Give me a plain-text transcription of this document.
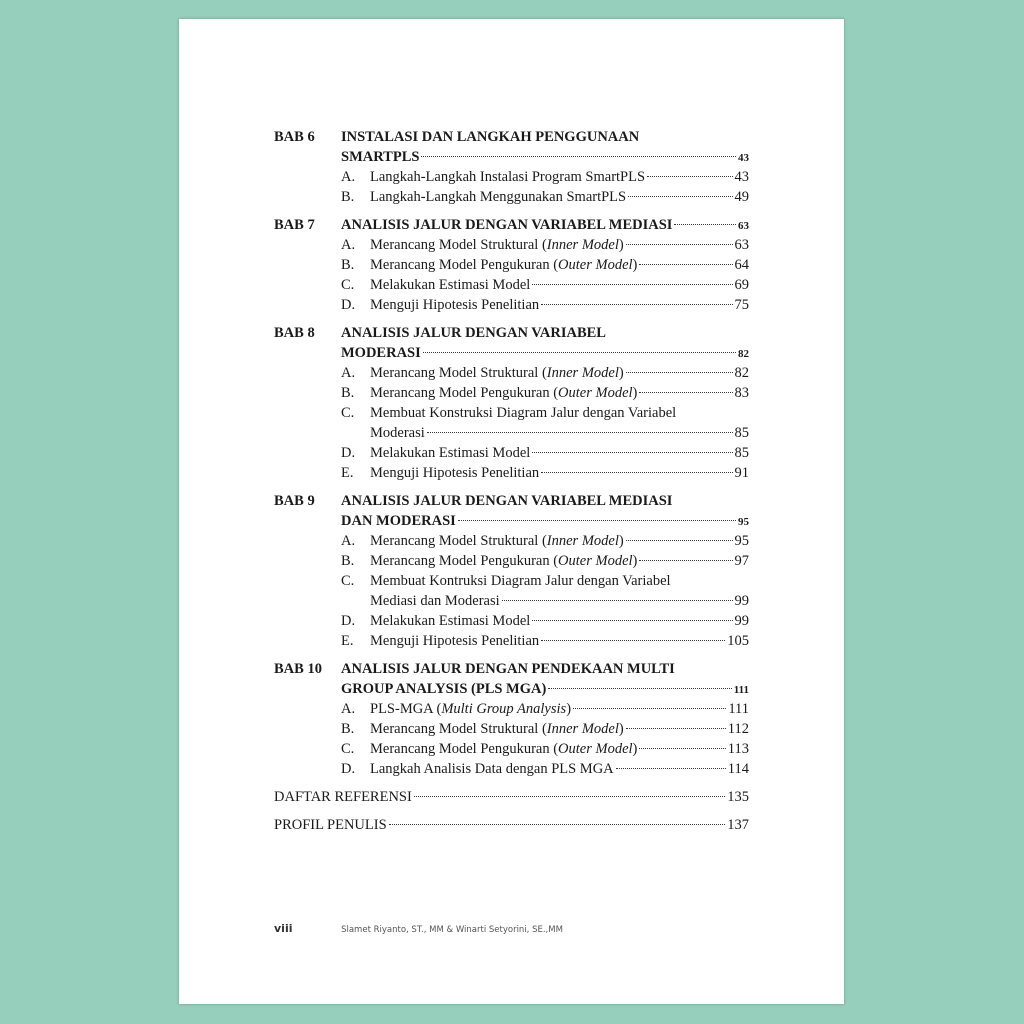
BAB 6	INSTALASI DAN LANGKAH PENGGUNAAN
SMARTPLS	43
A.	Langkah-Langkah Instalasi Program SmartPLS	43
B.	Langkah-Langkah Menggunakan SmartPLS	49
BAB 7	ANALISIS JALUR DENGAN VARIABEL MEDIASI	63
A.	Merancang Model Struktural (Inner Model)	63
B.	Merancang Model Pengukuran (Outer Model)	64
C.	Melakukan Estimasi Model	69
D.	Menguji Hipotesis Penelitian	75
BAB 8	ANALISIS JALUR DENGAN VARIABEL
MODERASI	82
A.	Merancang Model Struktural (Inner Model)	82
B.	Merancang Model Pengukuran (Outer Model)	83
C.	Membuat Konstruksi Diagram Jalur dengan Variabel
Moderasi	85
D.	Melakukan Estimasi Model	85
E.	Menguji Hipotesis Penelitian	91
BAB 9	ANALISIS JALUR DENGAN VARIABEL MEDIASI
DAN MODERASI	95
A.	Merancang Model Struktural (Inner Model)	95
B.	Merancang Model Pengukuran (Outer Model)	97
C.	Membuat Kontruksi Diagram Jalur dengan Variabel
Mediasi dan Moderasi	99
D.	Melakukan Estimasi Model	99
E.	Menguji Hipotesis Penelitian	105
BAB 10	ANALISIS JALUR DENGAN PENDEKAAN MULTI
GROUP ANALYSIS (PLS MGA)	111
A.	PLS-MGA (Multi Group Analysis)	111
B.	Merancang Model Struktural (Inner Model)	112
C.	Merancang Model Pengukuran (Outer Model)	113
D.	Langkah Analisis Data dengan PLS MGA	114
DAFTAR REFERENSI	135
PROFIL PENULIS	137
viii	Slamet Riyanto, ST., MM & Winarti Setyorini, SE.,MM
